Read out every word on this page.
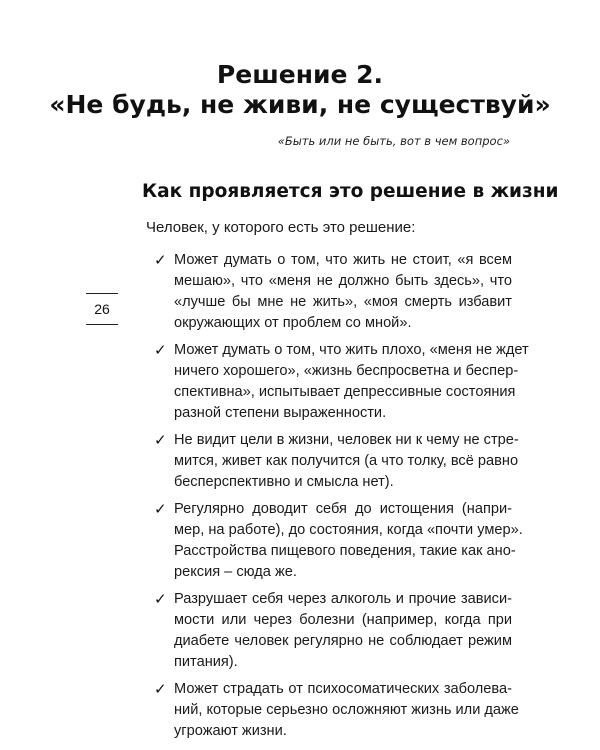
Решение 2.
«Не будь, не живи, не существуй»
«Быть или не быть, вот в чем вопрос»
Как проявляется это решение в жизни
Человек, у которого есть это решение:
26
✓ Может думать о том, что жить не стоит, «я всем
мешаю», что «меня не должно быть здесь», что
«лучше бы мне не жить», «моя смерть избавит
окружающих от проблем со мной».
✓ Может думать о том, что жить плохо, «меня не ждет
ничего хорошего», «жизнь беспросветна и беспер-
спективна», испытывает депрессивные состояния
разной степени выраженности.
✓ Не видит цели в жизни, человек ни к чему не стре-
мится, живет как получится (а что толку, всё равно
бесперспективно и смысла нет).
✓ Регулярно доводит себя до истощения (напри-
мер, на работе), до состояния, когда «почти умер».
Расстройства пищевого поведения, такие как ано-
рексия – сюда же.
✓ Разрушает себя через алкоголь и прочие зависи-
мости или через болезни (например, когда при
диабете человек регулярно не соблюдает режим
питания).
✓ Может страдать от психосоматических заболева-
ний, которые серьезно осложняют жизнь или даже
угрожают жизни.
